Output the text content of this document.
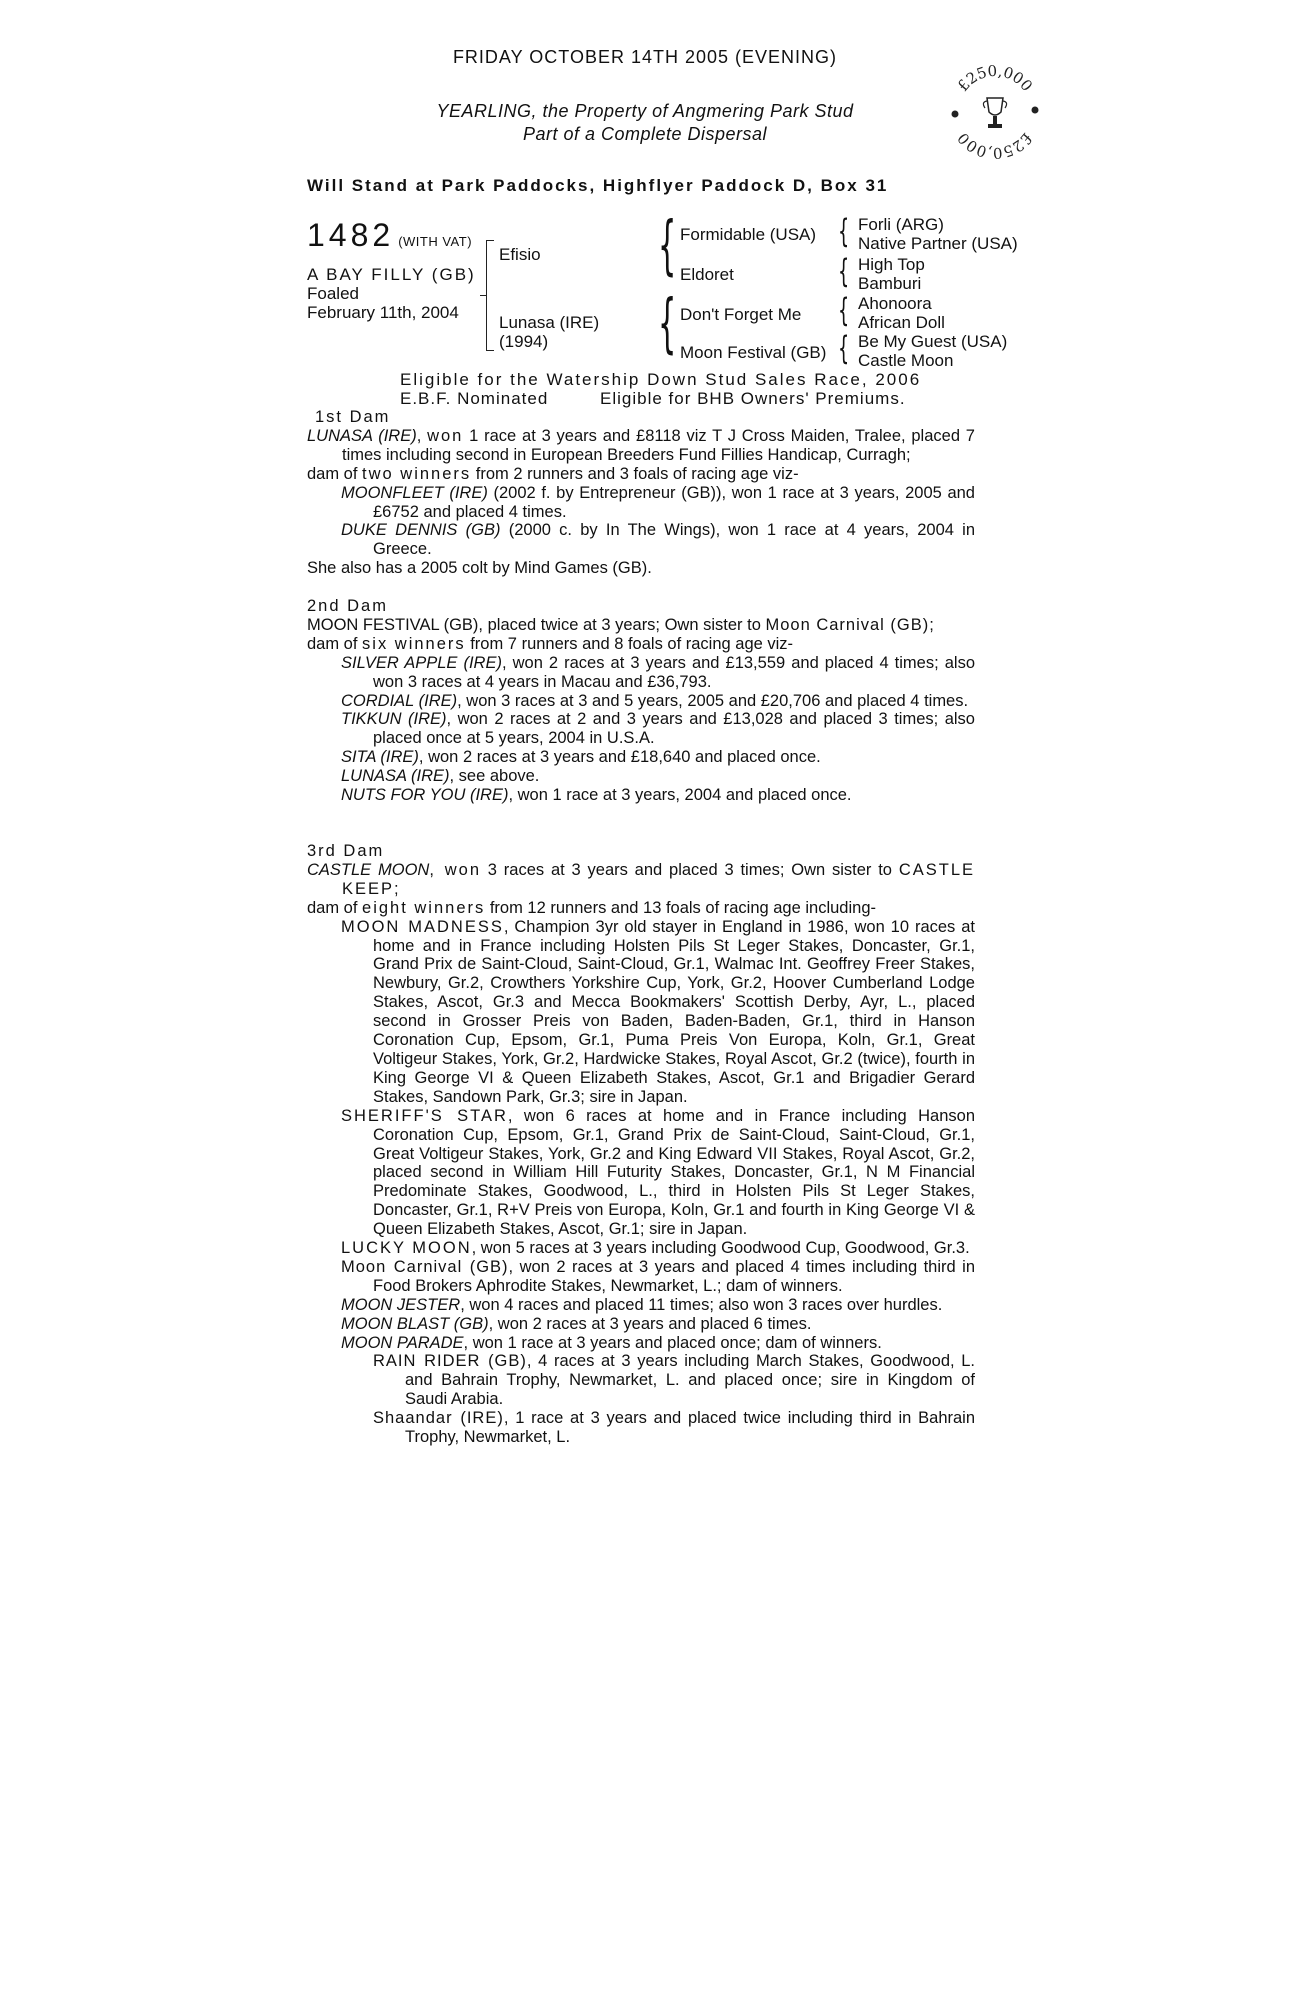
FRIDAY OCTOBER 14TH 2005 (EVENING)
YEARLING, the Property of Angmering Park Stud
Part of a Complete Dispersal
£250,000
£250,000
Will Stand at Park Paddocks, Highflyer Paddock D, Box 31
1482 (WITH VAT)
A BAY FILLY (GB)
Foaled
February 11th, 2004
Efisio
Lunasa (IRE)
(1994)
{ Formidable (USA)
Eldoret
{ Don't Forget Me
Moon Festival (GB)
{ Forli (ARG)
Native Partner (USA)
{ High Top
Bamburi
{ Ahonoora
African Doll
{ Be My Guest (USA)
Castle Moon
Eligible for the Watership Down Stud Sales Race, 2006
E.B.F. Nominated	Eligible for BHB Owners' Premiums.

1st Dam

LUNASA (IRE), won 1 race at 3 years and £8118 viz T J Cross Maiden, Tralee, placed 7 times including second in European Breeders Fund Fillies Handicap, Curragh;

dam of two winners from 2 runners and 3 foals of racing age viz-

MOONFLEET (IRE) (2002 f. by Entrepreneur (GB)), won 1 race at 3 years, 2005 and £6752 and placed 4 times.

DUKE DENNIS (GB) (2000 c. by In The Wings), won 1 race at 4 years, 2004 in Greece.

She also has a 2005 colt by Mind Games (GB).

2nd Dam

MOON FESTIVAL (GB), placed twice at 3 years; Own sister to Moon Carnival (GB);

dam of six winners from 7 runners and 8 foals of racing age viz-

SILVER APPLE (IRE), won 2 races at 3 years and £13,559 and placed 4 times; also won 3 races at 4 years in Macau and £36,793.

CORDIAL (IRE), won 3 races at 3 and 5 years, 2005 and £20,706 and placed 4 times.

TIKKUN (IRE), won 2 races at 2 and 3 years and £13,028 and placed 3 times; also placed once at 5 years, 2004 in U.S.A.

SITA (IRE), won 2 races at 3 years and £18,640 and placed once.

LUNASA (IRE), see above.

NUTS FOR YOU (IRE), won 1 race at 3 years, 2004 and placed once.

3rd Dam

CASTLE MOON, won 3 races at 3 years and placed 3 times; Own sister to CASTLE KEEP;

dam of eight winners from 12 runners and 13 foals of racing age including-

MOON MADNESS, Champion 3yr old stayer in England in 1986, won 10 races at home and in France including Holsten Pils St Leger Stakes, Doncaster, Gr.1, Grand Prix de Saint-Cloud, Saint-Cloud, Gr.1, Walmac Int. Geoffrey Freer Stakes, Newbury, Gr.2, Crowthers Yorkshire Cup, York, Gr.2, Hoover Cumberland Lodge Stakes, Ascot, Gr.3 and Mecca Bookmakers' Scottish Derby, Ayr, L., placed second in Grosser Preis von Baden, Baden-Baden, Gr.1, third in Hanson Coronation Cup, Epsom, Gr.1, Puma Preis Von Europa, Koln, Gr.1, Great Voltigeur Stakes, York, Gr.2, Hardwicke Stakes, Royal Ascot, Gr.2 (twice), fourth in King George VI & Queen Elizabeth Stakes, Ascot, Gr.1 and Brigadier Gerard Stakes, Sandown Park, Gr.3; sire in Japan.

SHERIFF'S STAR, won 6 races at home and in France including Hanson Coronation Cup, Epsom, Gr.1, Grand Prix de Saint-Cloud, Saint-Cloud, Gr.1, Great Voltigeur Stakes, York, Gr.2 and King Edward VII Stakes, Royal Ascot, Gr.2, placed second in William Hill Futurity Stakes, Doncaster, Gr.1, N M Financial Predominate Stakes, Goodwood, L., third in Holsten Pils St Leger Stakes, Doncaster, Gr.1, R+V Preis von Europa, Koln, Gr.1 and fourth in King George VI & Queen Elizabeth Stakes, Ascot, Gr.1; sire in Japan.

LUCKY MOON, won 5 races at 3 years including Goodwood Cup, Goodwood, Gr.3.

Moon Carnival (GB), won 2 races at 3 years and placed 4 times including third in Food Brokers Aphrodite Stakes, Newmarket, L.; dam of winners.

MOON JESTER, won 4 races and placed 11 times; also won 3 races over hurdles.

MOON BLAST (GB), won 2 races at 3 years and placed 6 times.

MOON PARADE, won 1 race at 3 years and placed once; dam of winners.

RAIN RIDER (GB), 4 races at 3 years including March Stakes, Goodwood, L. and Bahrain Trophy, Newmarket, L. and placed once; sire in Kingdom of Saudi Arabia.

Shaandar (IRE), 1 race at 3 years and placed twice including third in Bahrain Trophy, Newmarket, L.
